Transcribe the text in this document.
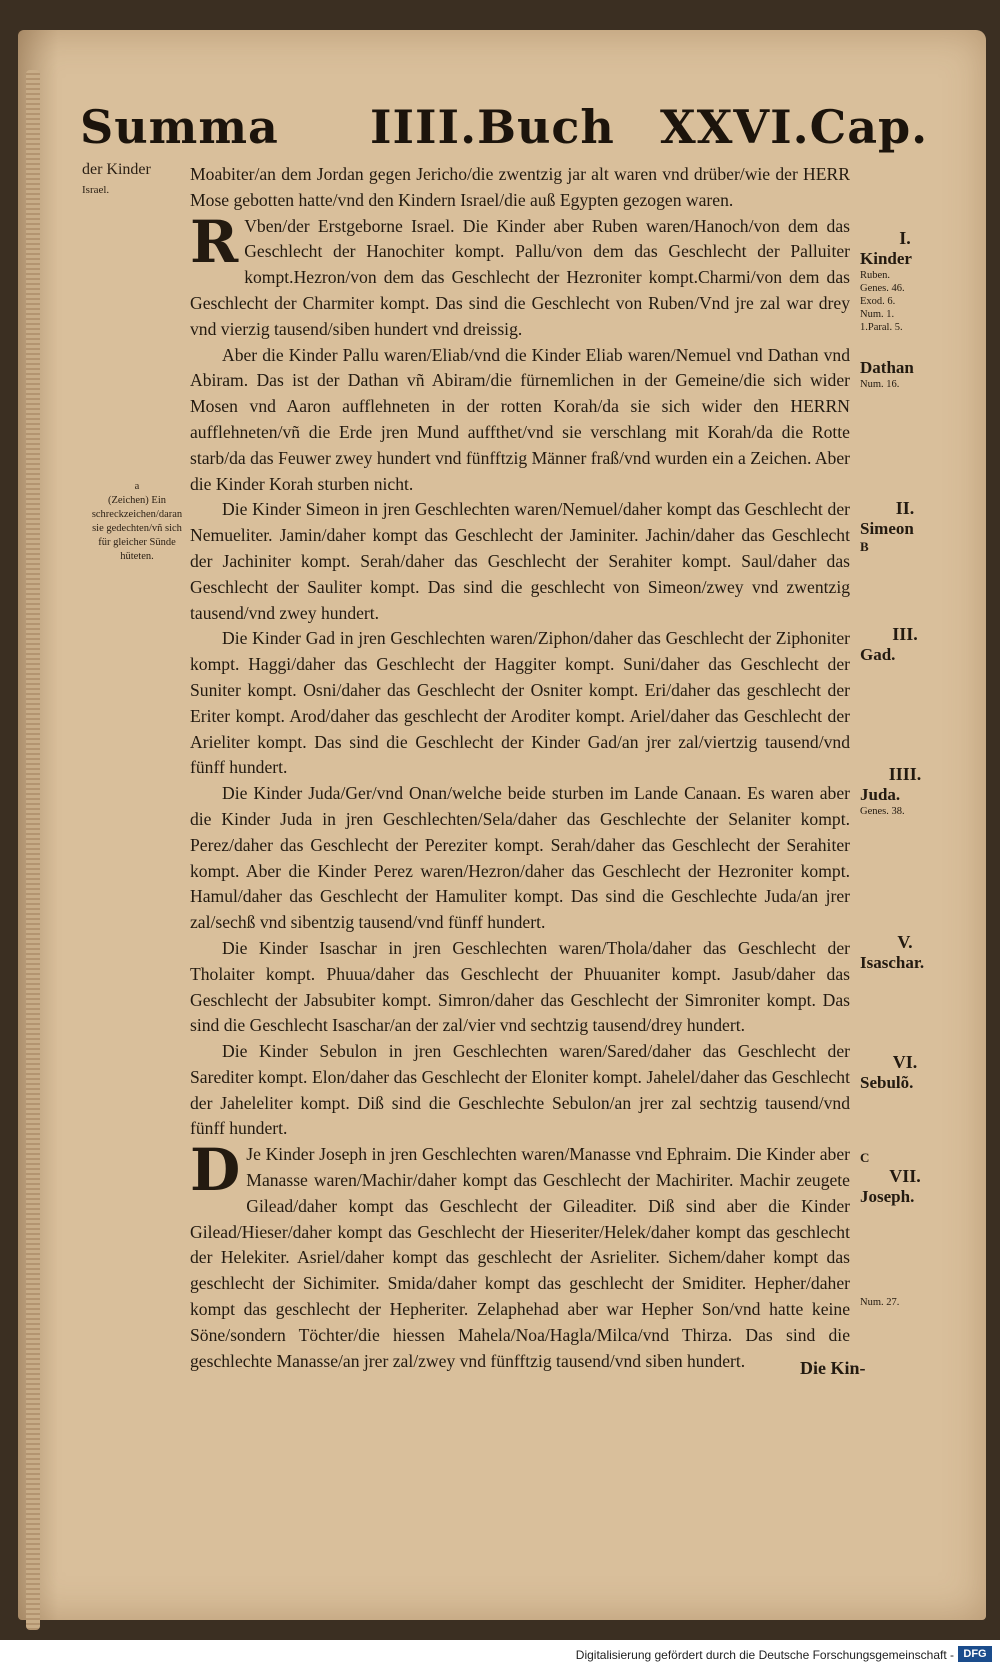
Summa IIII.Buch XXVI.Cap.
der Kinder
Israel.
a
(Zeichen) Ein
schreckzeichen/daran
sie gedechten/vñ sich
für gleicher Sünde
hüteten.

Moabiter/an dem Jordan gegen Jericho/die zwentzig jar alt waren vnd drüber/wie der HERR Mose gebotten hatte/vnd den Kindern Israel/die auß Egypten gezogen waren.

R Vben/der Erstgeborne Israel. Die Kinder aber Ruben waren/Hanoch/von dem das Geschlecht der Hanochiter kompt. Pallu/von dem das Geschlecht der Palluiter kompt.Hezron/von dem das Geschlecht der Hezroniter kompt.Charmi/von dem das Geschlecht der Charmiter kompt. Das sind die Geschlecht von Ruben/Vnd jre zal war drey vnd vierzig tausend/siben hundert vnd dreissig.

Aber die Kinder Pallu waren/Eliab/vnd die Kinder Eliab waren/Nemuel vnd Dathan vnd Abiram. Das ist der Dathan vñ Abiram/die fürnemlichen in der Gemeine/die sich wider Mosen vnd Aaron aufflehneten in der rotten Korah/da sie sich wider den HERRN aufflehneten/vñ die Erde jren Mund auffthet/vnd sie verschlang mit Korah/da die Rotte starb/da das Feuwer zwey hundert vnd fünfftzig Männer fraß/vnd wurden ein a Zeichen. Aber die Kinder Korah sturben nicht.

Die Kinder Simeon in jren Geschlechten waren/Nemuel/daher kompt das Geschlecht der Nemueliter. Jamin/daher kompt das Geschlecht der Jaminiter. Jachin/daher das Geschlecht der Jachiniter kompt. Serah/daher das Geschlecht der Serahiter kompt. Saul/daher das Geschlecht der Sauliter kompt. Das sind die geschlecht von Simeon/zwey vnd zwentzig tausend/vnd zwey hundert.

Die Kinder Gad in jren Geschlechten waren/Ziphon/daher das Geschlecht der Ziphoniter kompt. Haggi/daher das Geschlecht der Haggiter kompt. Suni/daher das Geschlecht der Suniter kompt. Osni/daher das Geschlecht der Osniter kompt. Eri/daher das geschlecht der Eriter kompt. Arod/daher das geschlecht der Aroditer kompt. Ariel/daher das Geschlecht der Arieliter kompt. Das sind die Geschlecht der Kinder Gad/an jrer zal/viertzig tausend/vnd fünff hundert.

Die Kinder Juda/Ger/vnd Onan/welche beide sturben im Lande Canaan. Es waren aber die Kinder Juda in jren Geschlechten/Sela/daher das Geschlechte der Selaniter kompt. Perez/daher das Geschlecht der Pereziter kompt. Serah/daher das Geschlecht der Serahiter kompt. Aber die Kinder Perez waren/Hezron/daher das Geschlecht der Hezroniter kompt. Hamul/daher das Geschlecht der Hamuliter kompt. Das sind die Geschlechte Juda/an jrer zal/sechß vnd sibentzig tausend/vnd fünff hundert.

Die Kinder Isaschar in jren Geschlechten waren/Thola/daher das Geschlecht der Tholaiter kompt. Phuua/daher das Geschlecht der Phuuaniter kompt. Jasub/daher das Geschlecht der Jabsubiter kompt. Simron/daher das Geschlecht der Simroniter kompt. Das sind die Geschlecht Isaschar/an der zal/vier vnd sechtzig tausend/drey hundert.

Die Kinder Sebulon in jren Geschlechten waren/Sared/daher das Geschlecht der Sarediter kompt. Elon/daher das Geschlecht der Eloniter kompt. Jahelel/daher das Geschlecht der Jaheleliter kompt. Diß sind die Geschlechte Sebulon/an jrer zal sechtzig tausend/vnd fünff hundert.

D Je Kinder Joseph in jren Geschlechten waren/Manasse vnd Ephraim. Die Kinder aber Manasse waren/Machir/daher kompt das Geschlecht der Machiriter. Machir zeugete Gilead/daher kompt das Geschlecht der Gileaditer. Diß sind aber die Kinder Gilead/Hieser/daher kompt das Geschlecht der Hieseriter/Helek/daher kompt das geschlecht der Helekiter. Asriel/daher kompt das geschlecht der Asrieliter. Sichem/daher kompt das geschlecht der Sichimiter. Smida/daher kompt das geschlecht der Smiditer. Hepher/daher kompt das geschlecht der Hepheriter. Zelaphehad aber war Hepher Son/vnd hatte keine Söne/sondern Töchter/die hiessen Mahela/Noa/Hagla/Milca/vnd Thirza. Das sind die geschlechte Manasse/an jrer zal/zwey vnd fünfftzig tausend/vnd siben hundert.

I.
Kinder
Ruben.
Genes. 46.
Exod. 6.
Num. 1.
1.Paral. 5.
Dathan
Num. 16.
II.
Simeon
B
III.
Gad.
IIII.
Juda.
Genes. 38.
V.
Isaschar.
VI.
Sebulõ.
C
VII.
Joseph.
Num. 27.
Die Kin-
Digitalisierung gefördert durch die Deutsche Forschungsgemeinschaft - DFG
